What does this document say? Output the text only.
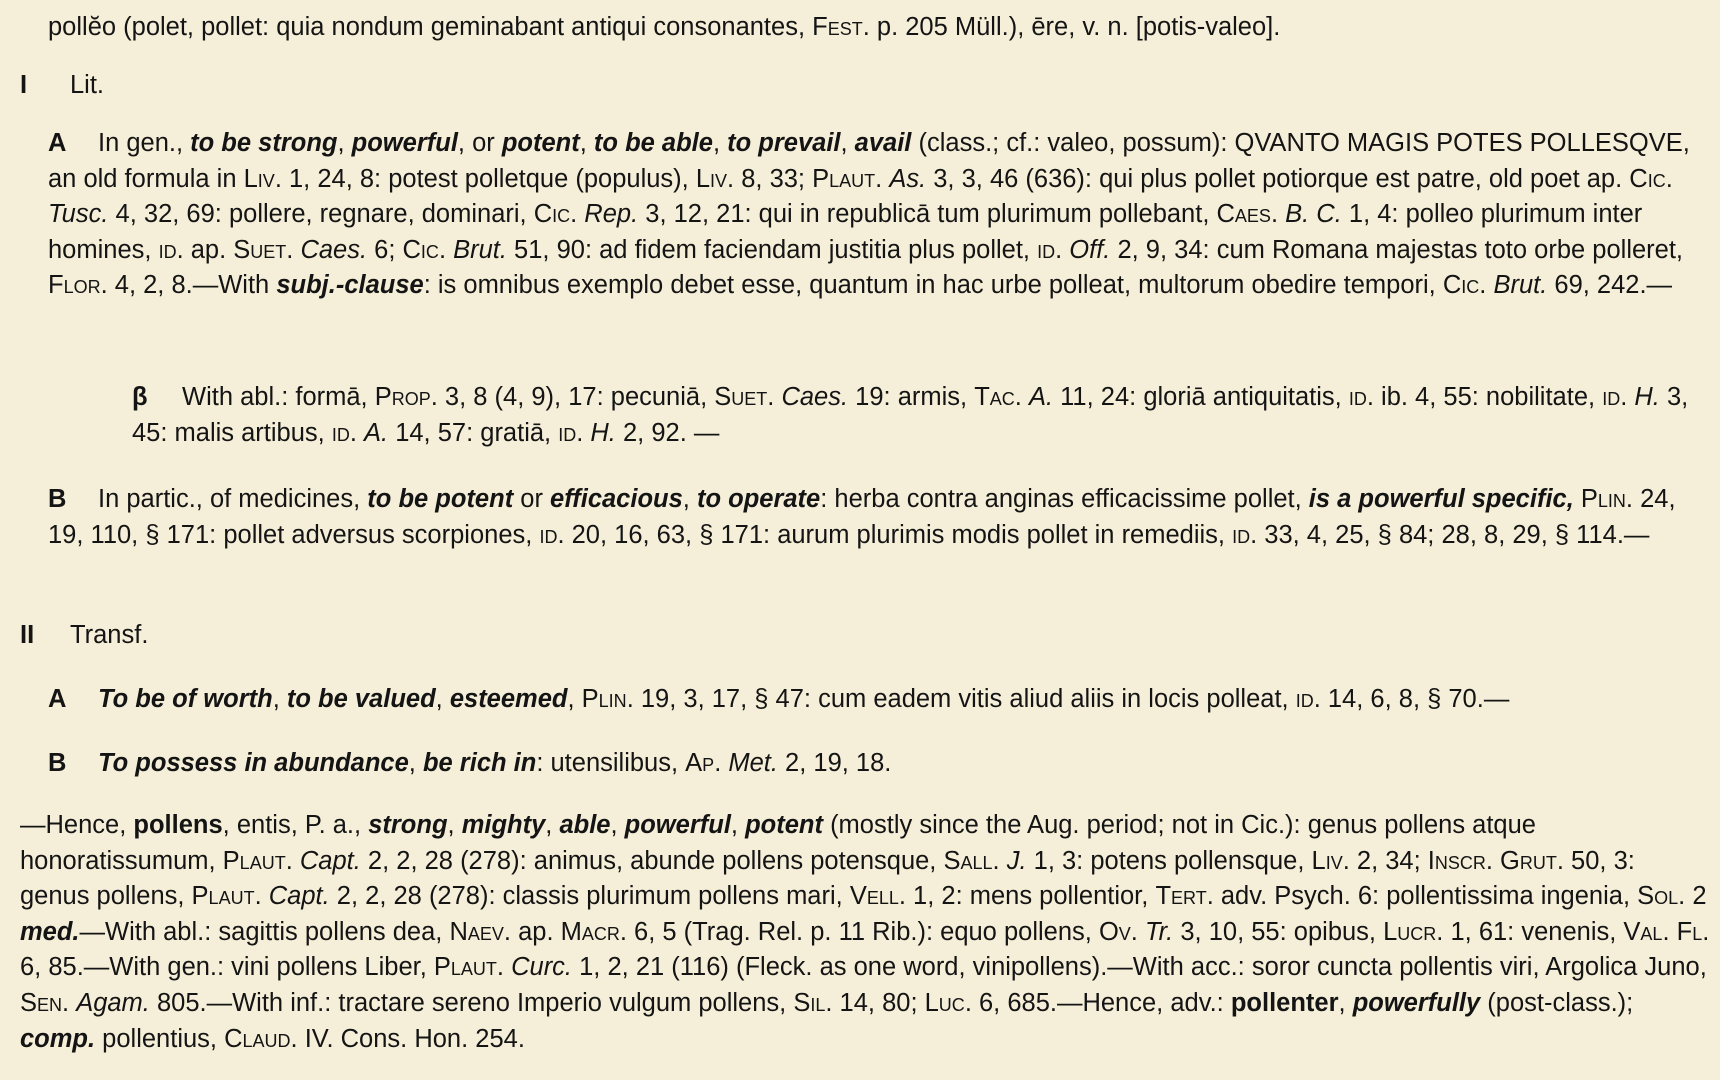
pollĕo (polet, pollet: quia nondum geminabant antiqui consonantes, Fest. p. 205 Müll.), ēre, v. n. [potis-valeo].

I Lit.

A In gen., to be strong, powerful, or potent, to be able, to prevail, avail (class.; cf.: valeo, possum): QVANTO MAGIS POTES POLLESQVE, an old formula in Liv. 1, 24, 8: potest polletque (populus), Liv. 8, 33; Plaut. As. 3, 3, 46 (636): qui plus pollet potiorque est patre, old poet ap. Cic. Tusc. 4, 32, 69: pollere, regnare, dominari, Cic. Rep. 3, 12, 21: qui in republicā tum plurimum pollebant, Caes. B. C. 1, 4: polleo plurimum inter homines, id. ap. Suet. Caes. 6; Cic. Brut. 51, 90: ad fidem faciendam justitia plus pollet, id. Off. 2, 9, 34: cum Romana majestas toto orbe polleret, Flor. 4, 2, 8.—With subj.-clause: is omnibus exemplo debet esse, quantum in hac urbe polleat, multorum obedire tempori, Cic. Brut. 69, 242.—

β With abl.: formā, Prop. 3, 8 (4, 9), 17: pecuniā, Suet. Caes. 19: armis, Tac. A. 11, 24: gloriā antiquitatis, id. ib. 4, 55: nobilitate, id. H. 3, 45: malis artibus, id. A. 14, 57: gratiā, id. H. 2, 92. —

B In partic., of medicines, to be potent or efficacious, to operate: herba contra anginas efficacissime pollet, is a powerful specific, Plin. 24, 19, 110, § 171: pollet adversus scorpiones, id. 20, 16, 63, § 171: aurum plurimis modis pollet in remediis, id. 33, 4, 25, § 84; 28, 8, 29, § 114.—

II Transf.

A To be of worth, to be valued, esteemed, Plin. 19, 3, 17, § 47: cum eadem vitis aliud aliis in locis polleat, id. 14, 6, 8, § 70.—

B To possess in abundance, be rich in: utensilibus, Ap. Met. 2, 19, 18.

—Hence, pollens, entis, P. a., strong, mighty, able, powerful, potent (mostly since the Aug. period; not in Cic.): genus pollens atque honoratissumum, Plaut. Capt. 2, 2, 28 (278): animus, abunde pollens potensque, Sall. J. 1, 3: potens pollensque, Liv. 2, 34; Inscr. Grut. 50, 3: genus pollens, Plaut. Capt. 2, 2, 28 (278): classis plurimum pollens mari, Vell. 1, 2: mens pollentior, Tert. adv. Psych. 6: pollentissima ingenia, Sol. 2 med.—With abl.: sagittis pollens dea, Naev. ap. Macr. 6, 5 (Trag. Rel. p. 11 Rib.): equo pollens, Ov. Tr. 3, 10, 55: opibus, Lucr. 1, 61: venenis, Val. Fl. 6, 85.—With gen.: vini pollens Liber, Plaut. Curc. 1, 2, 21 (116) (Fleck. as one word, vinipollens).—With acc.: soror cuncta pollentis viri, Argolica Juno, Sen. Agam. 805.—With inf.: tractare sereno Imperio vulgum pollens, Sil. 14, 80; Luc. 6, 685.—Hence, adv.: pollenter, powerfully (post-class.); comp. pollentius, Claud. IV. Cons. Hon. 254.
